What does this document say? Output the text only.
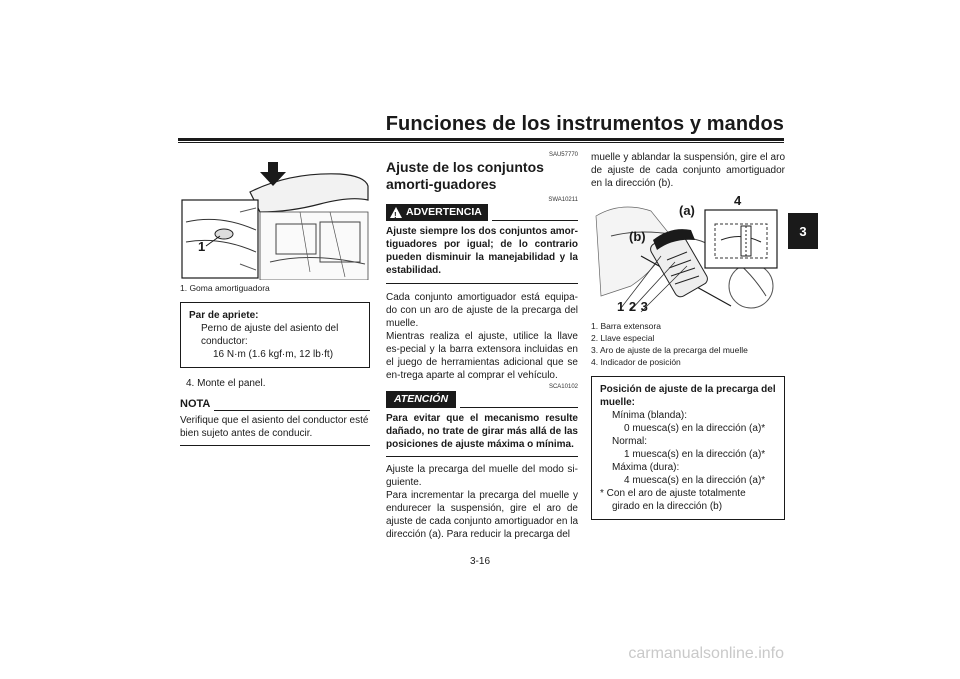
Funciones de los instrumentos y mandos
3
1
1. Goma amortiguadora
Par de apriete:
Perno de ajuste del asiento del
conductor:
16 N·m (1.6 kgf·m, 12 lb·ft)
4. Monte el panel.
NOTA
Verifique que el asiento del conductor esté bien sujeto antes de conducir.
SAU57770
Ajuste de los conjuntos amorti-guadores
SWA10211
! ADVERTENCIA
Ajuste siempre los dos conjuntos amor-tiguadores por igual; de lo contrario pueden disminuir la manejabilidad y la estabilidad.
Cada conjunto amortiguador está equipa-do con un aro de ajuste de la precarga del muelle.
Mientras realiza el ajuste, utilice la llave es-pecial y la barra extensora incluidas en el juego de herramientas adicional que se en-trega aparte al comprar el vehículo.
SCA10102
ATENCIÓN
Para evitar que el mecanismo resulte dañado, no trate de girar más allá de las posiciones de ajuste máxima o mínima.
Ajuste la precarga del muelle del modo si-guiente.
Para incrementar la precarga del muelle y endurecer la suspensión, gire el aro de ajuste de cada conjunto amortiguador en la dirección (a). Para reducir la precarga del
muelle y ablandar la suspensión, gire el aro de ajuste de cada conjunto amortiguador en la dirección (b).
(a)
(b)
4
1 2 3
1. Barra extensora
2. Llave especial
3. Aro de ajuste de la precarga del muelle
4. Indicador de posición
Posición de ajuste de la precarga del muelle:
Mínima (blanda):
0 muesca(s) en la dirección (a)*
Normal:
1 muesca(s) en la dirección (a)*
Máxima (dura):
4 muesca(s) en la dirección (a)*
* Con el aro de ajuste totalmente
girado en la dirección (b)
3-16
carmanualsonline.info
